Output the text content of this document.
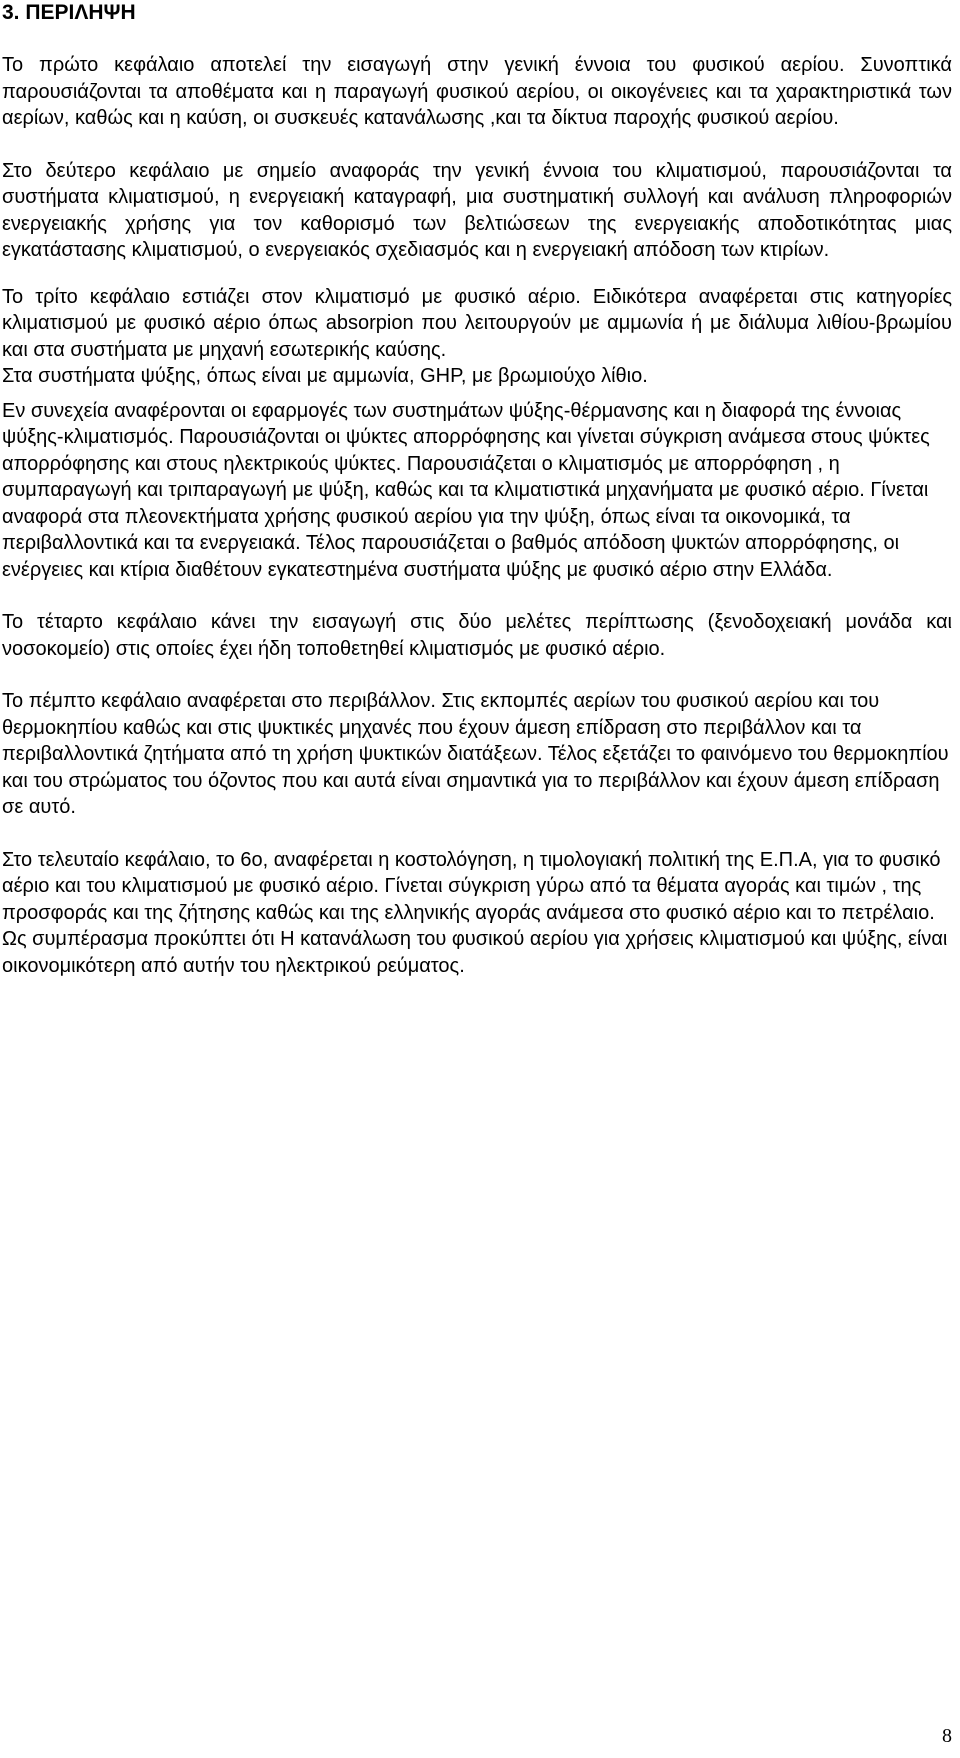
3. ΠΕΡΙΛΗΨΗ

Το πρώτο κεφάλαιο αποτελεί την εισαγωγή στην γενική έννοια του φυσικού αερίου. Συνοπτικά παρουσιάζονται τα αποθέματα και η παραγωγή φυσικού αερίου, οι οικογένειες και τα χαρακτηριστικά των αερίων, καθώς και η καύση, οι συσκευές κατανάλωσης ,και τα δίκτυα παροχής φυσικού αερίου.

Στο δεύτερο κεφάλαιο με σημείο αναφοράς την γενική έννοια του κλιματισμού, παρουσιάζονται τα συστήματα κλιματισμού, η ενεργειακή καταγραφή, μια συστηματική συλλογή και ανάλυση πληροφοριών ενεργειακής χρήσης για τον καθορισμό των βελτιώσεων της ενεργειακής αποδοτικότητας μιας εγκατάστασης κλιματισμού, ο ενεργειακός σχεδιασμός και η ενεργειακή απόδοση των κτιρίων.

Το τρίτο κεφάλαιο εστιάζει στον κλιματισμό με φυσικό αέριο. Ειδικότερα αναφέρεται στις κατηγορίες κλιματισμού με φυσικό αέριο όπως absorpion που λειτουργούν με αμμωνία ή με διάλυμα λιθίου-βρωμίου και στα συστήματα με μηχανή εσωτερικής καύσης.

Στα συστήματα ψύξης, όπως είναι με αμμωνία, GHP, με βρωμιούχο λίθιο.

Εν συνεχεία αναφέρονται οι εφαρμογές των συστημάτων ψύξης-θέρμανσης και η διαφορά της έννοιας ψύξης-κλιματισμός. Παρουσιάζονται οι ψύκτες απορρόφησης και γίνεται σύγκριση ανάμεσα στους ψύκτες απορρόφησης και στους ηλεκτρικούς ψύκτες. Παρουσιάζεται ο κλιματισμός με απορρόφηση , η συμπαραγωγή και τριπαραγωγή με ψύξη, καθώς και τα κλιματιστικά μηχανήματα με φυσικό αέριο. Γίνεται αναφορά στα πλεονεκτήματα χρήσης φυσικού αερίου για την ψύξη, όπως είναι τα οικονομικά, τα περιβαλλοντικά και τα ενεργειακά. Τέλος παρουσιάζεται ο βαθμός απόδοση ψυκτών απορρόφησης, οι ενέργειες και κτίρια διαθέτουν εγκατεστημένα συστήματα ψύξης με φυσικό αέριο στην Ελλάδα.

Το τέταρτο κεφάλαιο κάνει την εισαγωγή στις δύο μελέτες περίπτωσης (ξενοδοχειακή μονάδα και νοσοκομείο) στις οποίες έχει ήδη τοποθετηθεί κλιματισμός με φυσικό αέριο.

Το πέμπτο κεφάλαιο αναφέρεται στο περιβάλλον. Στις εκπομπές αερίων του φυσικού αερίου και του θερμοκηπίου καθώς και στις ψυκτικές μηχανές που έχουν άμεση επίδραση στο περιβάλλον και τα περιβαλλοντικά ζητήματα από τη χρήση ψυκτικών διατάξεων. Τέλος εξετάζει το φαινόμενο του θερμοκηπίου και του στρώματος του όζοντος που και αυτά είναι σημαντικά για το περιβάλλον και έχουν άμεση επίδραση σε αυτό.

Στο τελευταίο κεφάλαιο, το 6ο, αναφέρεται η κοστολόγηση, η τιμολογιακή πολιτική της Ε.Π.Α, για το φυσικό αέριο και του κλιματισμού με φυσικό αέριο. Γίνεται σύγκριση γύρω από τα θέματα αγοράς και τιμών , της προσφοράς και της ζήτησης καθώς και της ελληνικής αγοράς ανάμεσα στο φυσικό αέριο και το πετρέλαιο. Ως συμπέρασμα προκύπτει ότι Η κατανάλωση του φυσικού αερίου για χρήσεις κλιματισμού και ψύξης, είναι οικονομικότερη από αυτήν του ηλεκτρικού ρεύματος.

8
